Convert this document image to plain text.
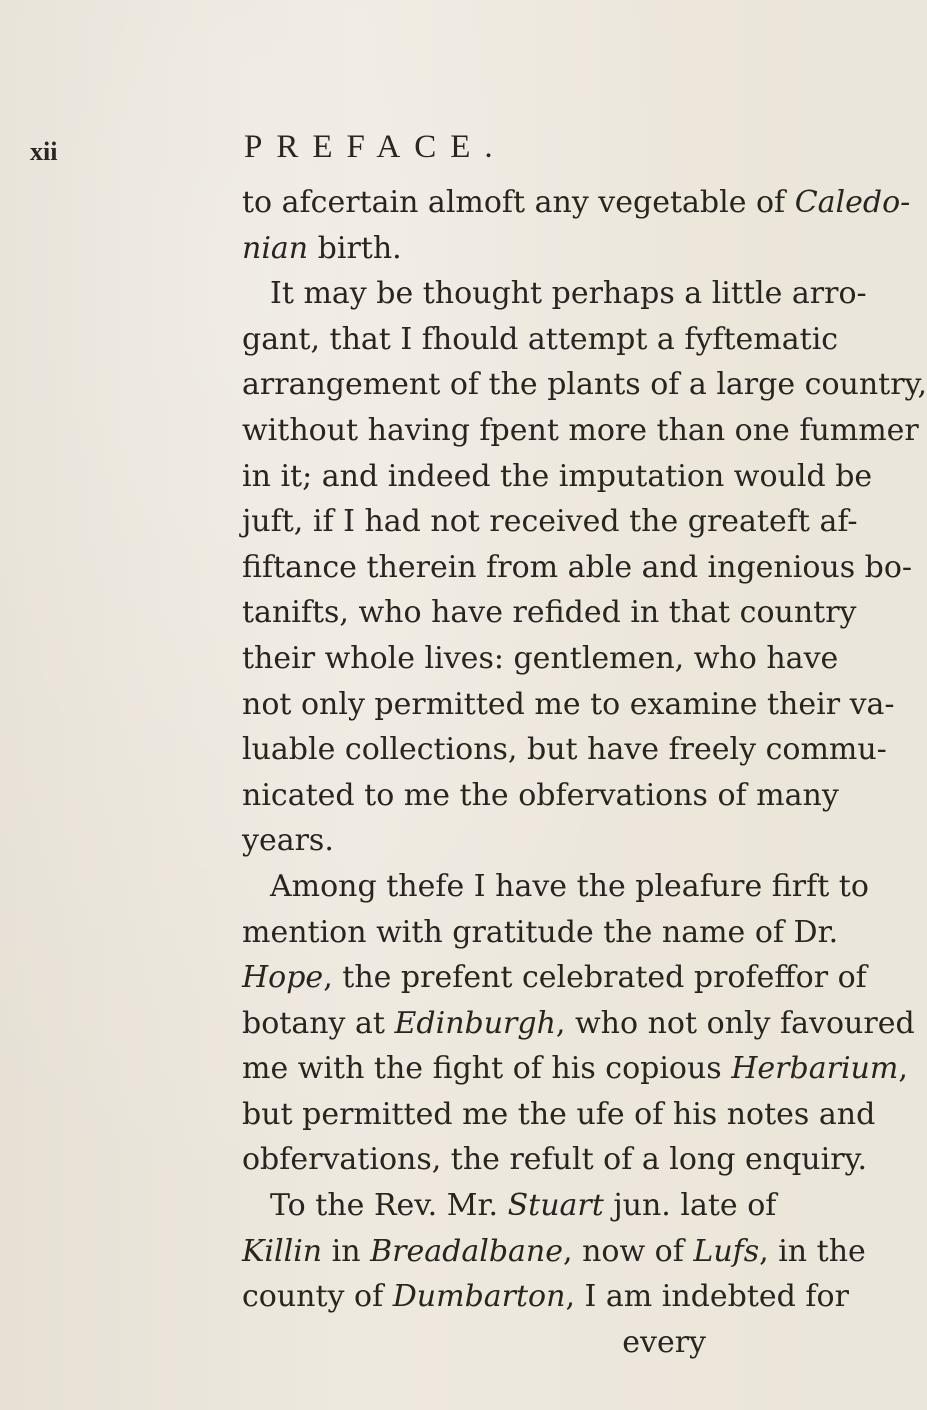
xii	PREFACE.
to afcertain almoft any vegetable of Caledo-
nian birth.
It may be thought perhaps a little arro-
gant, that I fhould attempt a fyftematic
arrangement of the plants of a large country,
without having fpent more than one fummer
in it; and indeed the imputation would be
juft, if I had not received the greateft af-
fiftance therein from able and ingenious bo-
tanifts, who have refided in that country
their whole lives: gentlemen, who have
not only permitted me to examine their va-
luable collections, but have freely commu-
nicated to me the obfervations of many
years.
Among thefe I have the pleafure firft to
mention with gratitude the name of Dr.
Hope, the prefent celebrated profeffor of
botany at Edinburgh, who not only favoured
me with the fight of his copious Herbarium,
but permitted me the ufe of his notes and
obfervations, the refult of a long enquiry.
To the Rev. Mr. Stuart jun. late of
Killin in Breadalbane, now of Lufs, in the
county of Dumbarton, I am indebted for
every
